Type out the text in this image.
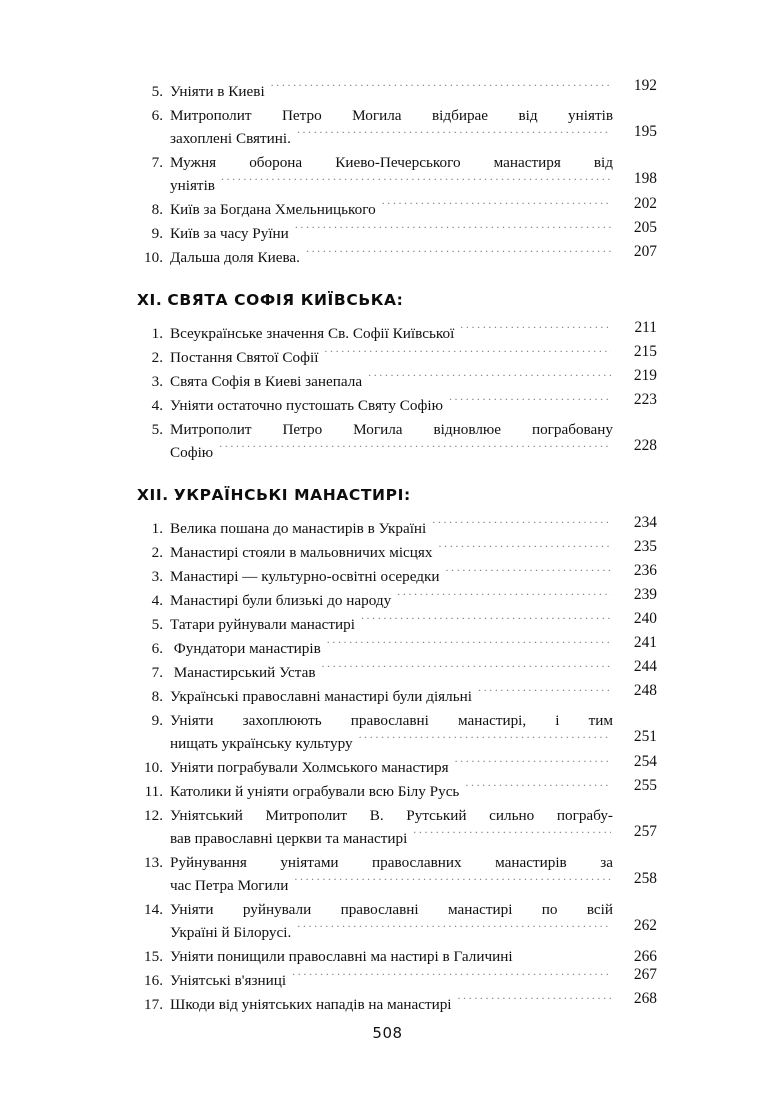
5. Уніяти в Киеві .....	192
6. Митрополит Петро Могила відбирае від уніятів
захоплені Святині. .....	195
7. Мужня оборона Киево-Печерського манастиря від
уніятів .....	198
8. Київ за Богдана Хмельницького .....	202
9. Київ за часу Руїни .....	205
10. Дальша доля Киева. .....	207
XI. СВЯТА СОФІЯ КИЇВСЬКА:
1. Всеукраїнське значення Св. Софії Київської .....	211
2. Постання Святої Софії .....	215
3. Свята Софія в Киеві занепала .....	219
4. Уніяти остаточно пустошать Святу Софію .....	223
5. Митрополит Петро Могила відновлюе пограбовану
Софію .....	228
XII. УКРАЇНСЬКІ МАНАСТИРІ:
1. Велика пошана до манастирів в Україні .....	234
2. Манастирі стояли в мальовничих місцях .....	235
3. Манастирі — культурно-освітні осередки .....	236
4. Манастирі були близькі до народу .....	239
5. Татари руйнували манастирі .....	240
6. Фундатори манастирів .....	241
7. Манастирський Устав .....	244
8. Українські православні манастирі були діяльні .....	248
9. Уніяти захоплюють православні манастирі, і тим
нищать українську культуру .....	251
10. Уніяти пограбували Холмського манастиря .....	254
11. Католики й уніяти ограбували всю Білу Русь .....	255
12. Уніятський Митрополит В. Рутський сильно пограбу-
вав православні церкви та манастирі .....	257
13. Руйнування уніятами православних манастирів за
час Петра Могили .....	258
14. Уніяти руйнували православні манастирі по всій
Україні й Білорусі. .....	262
15. Уніяти понищили православні ма настирі в Галичині	266
16. Уніятські в'язниці .....	267
17. Шкоди від уніятських нападів на манастирі .....	268
508
